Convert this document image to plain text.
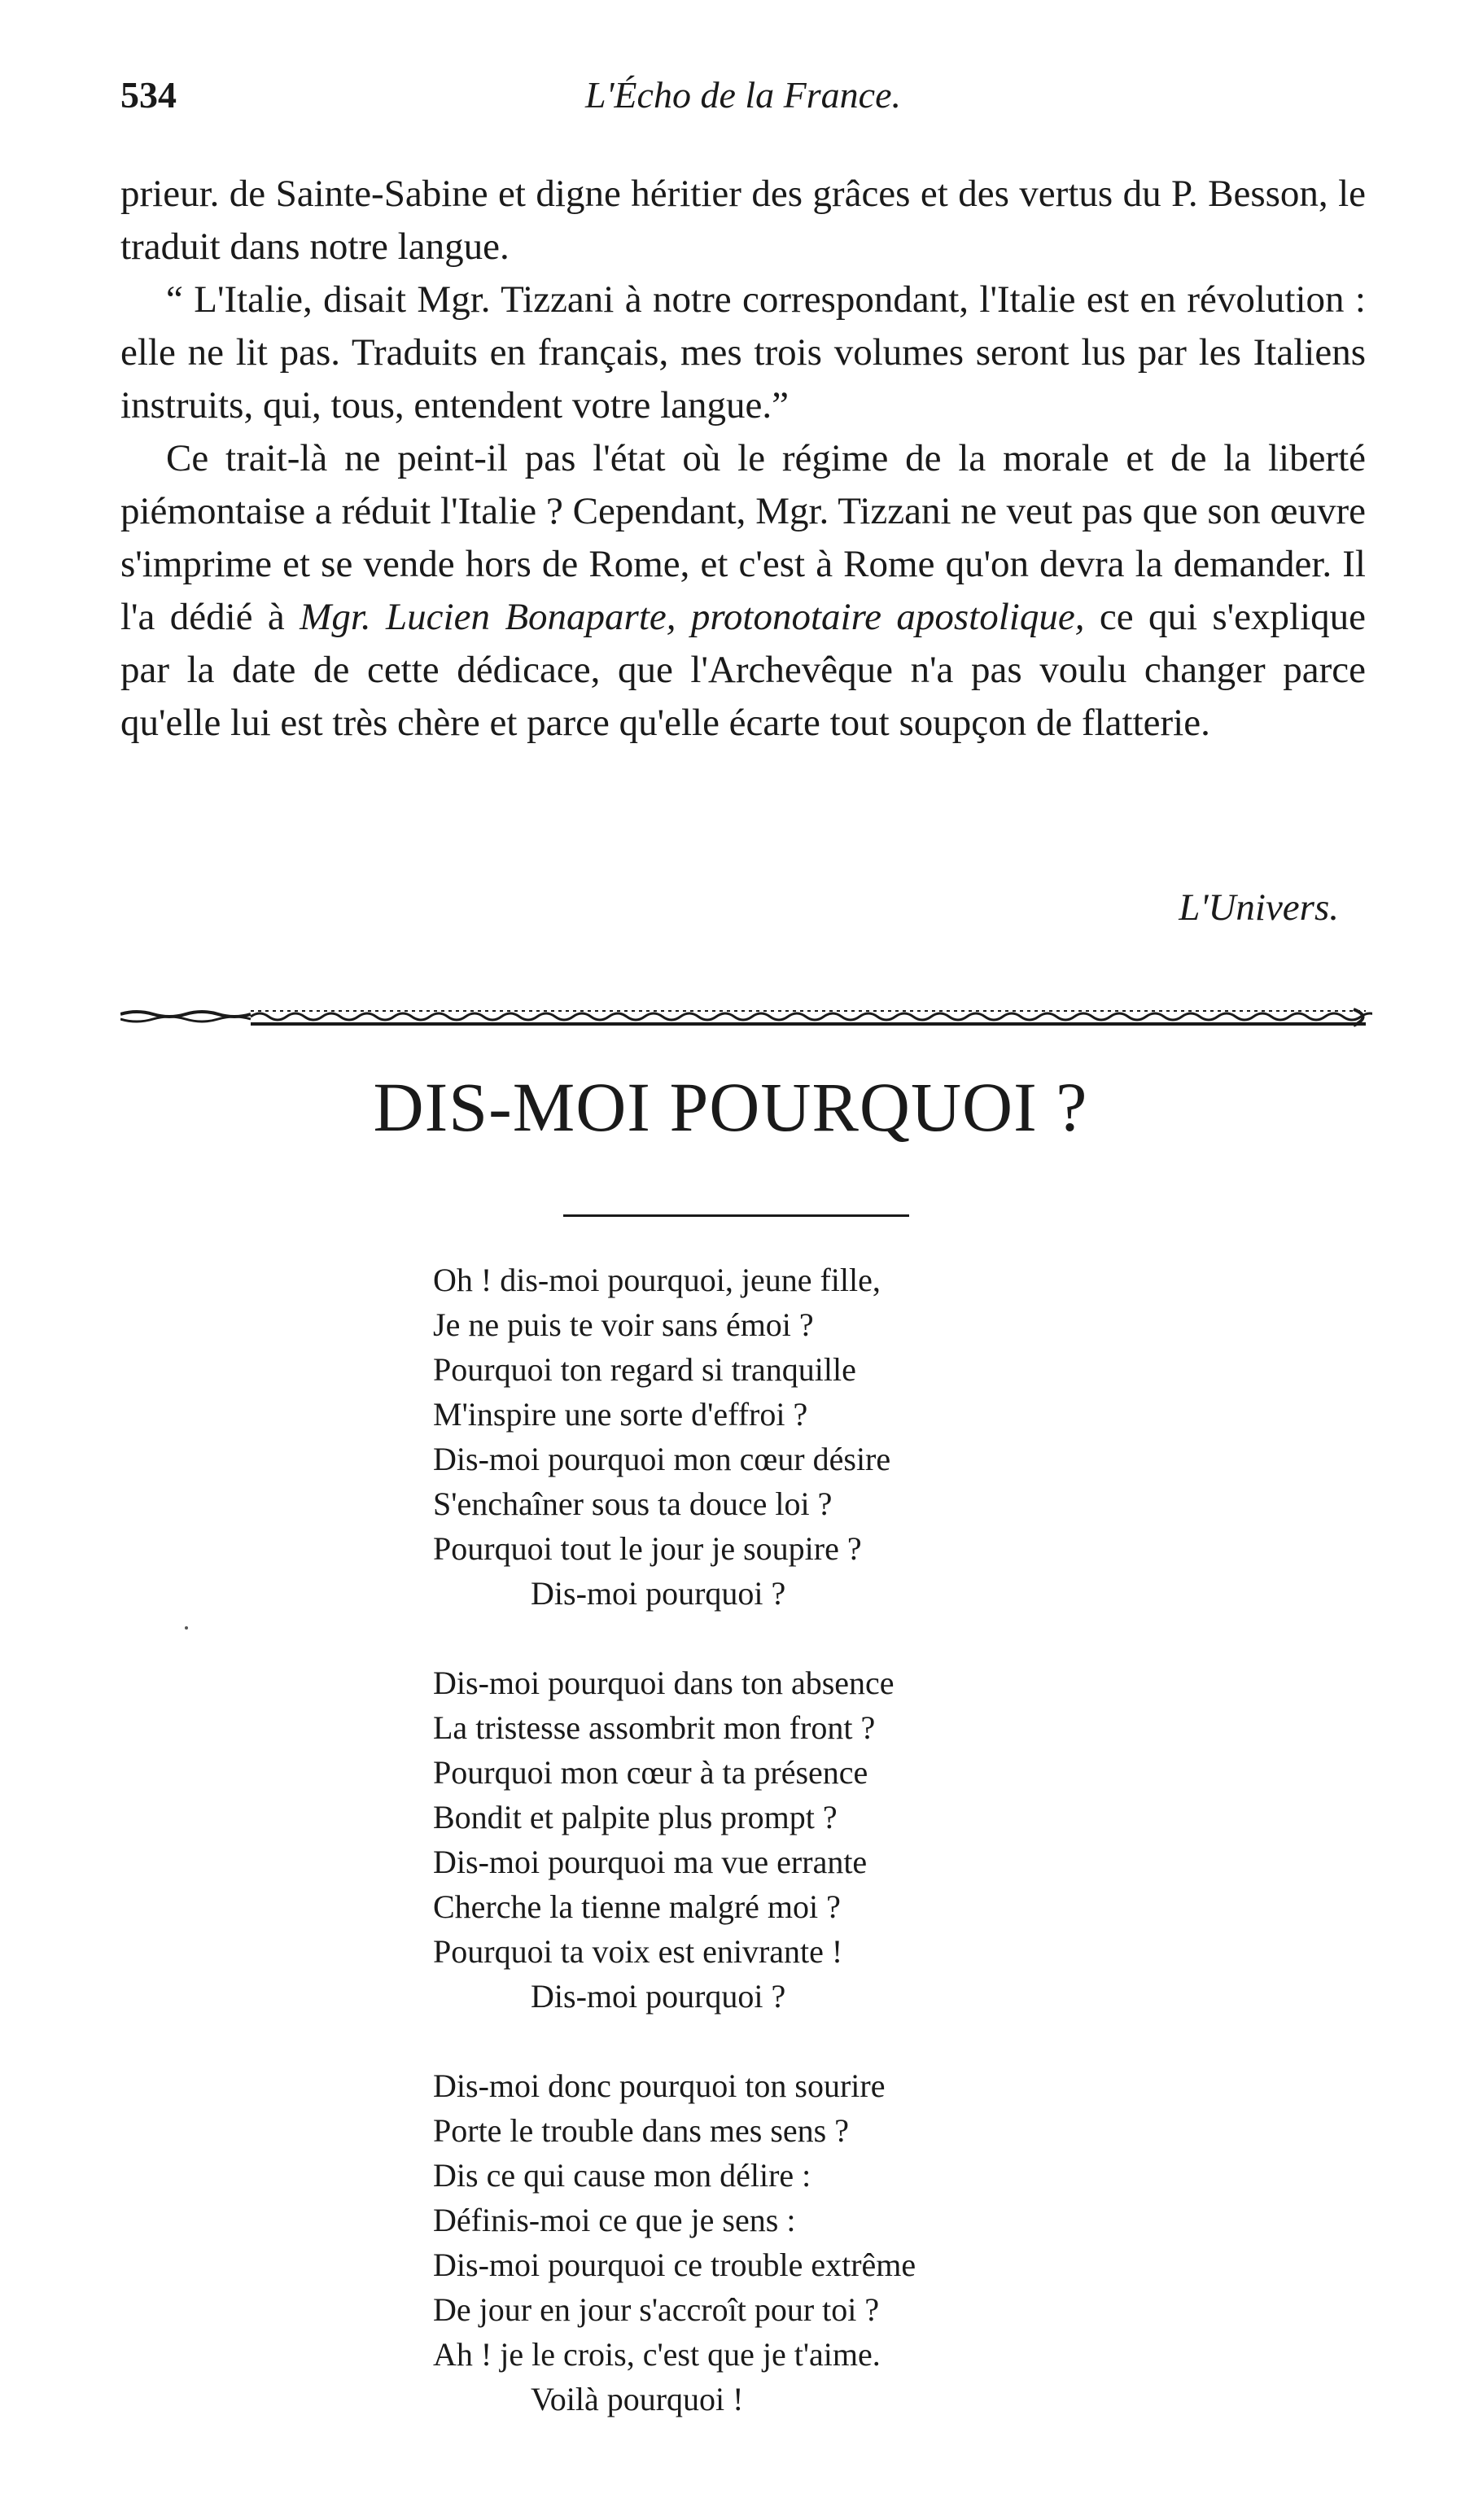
534	L'Écho de la France.

prieur. de Sainte-Sabine et digne héritier des grâces et des vertus du P. Besson, le traduit dans notre langue.

“ L'Italie, disait Mgr. Tizzani à notre correspondant, l'Italie est en révolution : elle ne lit pas. Traduits en français, mes trois volumes seront lus par les Italiens instruits, qui, tous, entendent votre langue.”

Ce trait-là ne peint-il pas l'état où le régime de la morale et de la liberté piémontaise a réduit l'Italie ? Cependant, Mgr. Tizzani ne veut pas que son œuvre s'imprime et se vende hors de Rome, et c'est à Rome qu'on devra la demander. Il l'a dédié à Mgr. Lucien Bonaparte, protonotaire apostolique, ce qui s'explique par la date de cette dédicace, que l'Archevêque n'a pas voulu changer parce qu'elle lui est très chère et parce qu'elle écarte tout soupçon de flatterie.

L'Univers.
DIS-MOI POURQUOI ?
Oh ! dis-moi pourquoi, jeune fille,
Je ne puis te voir sans émoi ?
Pourquoi ton regard si tranquille
M'inspire une sorte d'effroi ?
Dis-moi pourquoi mon cœur désire
S'enchaîner sous ta douce loi ?
Pourquoi tout le jour je soupire ?
Dis-moi pourquoi ?
Dis-moi pourquoi dans ton absence
La tristesse assombrit mon front ?
Pourquoi mon cœur à ta présence
Bondit et palpite plus prompt ?
Dis-moi pourquoi ma vue errante
Cherche la tienne malgré moi ?
Pourquoi ta voix est enivrante !
Dis-moi pourquoi ?
Dis-moi donc pourquoi ton sourire
Porte le trouble dans mes sens ?
Dis ce qui cause mon délire :
Définis-moi ce que je sens :
Dis-moi pourquoi ce trouble extrême
De jour en jour s'accroît pour toi ?
Ah ! je le crois, c'est que je t'aime.
Voilà pourquoi !
